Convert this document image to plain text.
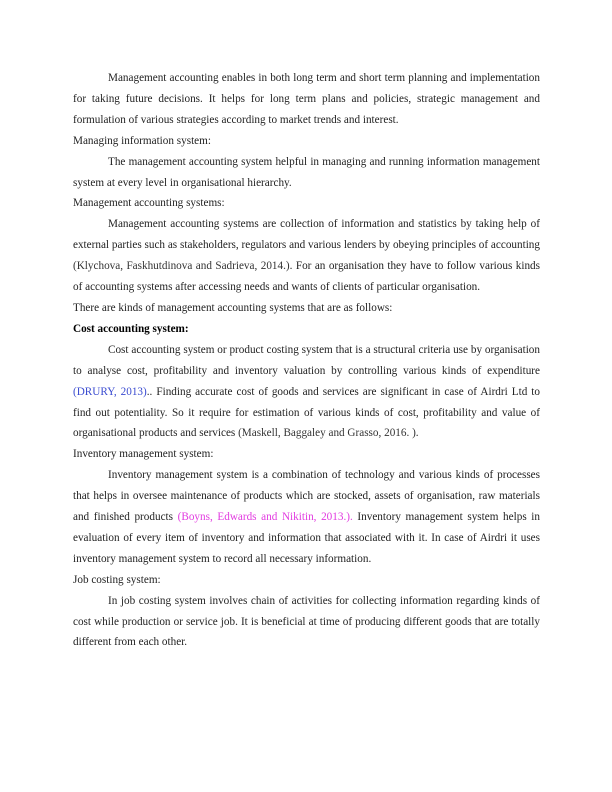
Management accounting enables in both long term and short term planning and implementation for taking future decisions. It helps for long term plans and policies, strategic management and formulation of various strategies according to market trends and interest.

Managing information system:

The management accounting system helpful in managing and running information management system at every level in organisational hierarchy.

Management accounting systems:

Management accounting systems are collection of information and statistics by taking help of external parties such as stakeholders, regulators and various lenders by obeying principles of accounting (Klychova, Faskhutdinova and Sadrieva, 2014.). For an organisation they have to follow various kinds of accounting systems after accessing needs and wants of clients of particular organisation.

There are kinds of management accounting systems that are as follows:

Cost accounting system:

Cost accounting system or product costing system that is a structural criteria use by organisation to analyse cost, profitability and inventory valuation by controlling various kinds of expenditure (DRURY, 2013).. Finding accurate cost of goods and services are significant in case of Airdri Ltd to find out potentiality. So it require for estimation of various kinds of cost, profitability and value of organisational products and services (Maskell, Baggaley and Grasso, 2016. ).

Inventory management system:

Inventory management system is a combination of technology and various kinds of processes that helps in oversee maintenance of products which are stocked, assets of organisation, raw materials and finished products (Boyns, Edwards and Nikitin, 2013.). Inventory management system helps in evaluation of every item of inventory and information that associated with it. In case of Airdri it uses inventory management system to record all necessary information.

Job costing system:

In job costing system involves chain of activities for collecting information regarding kinds of cost while production or service job. It is beneficial at time of producing different goods that are totally different from each other.
